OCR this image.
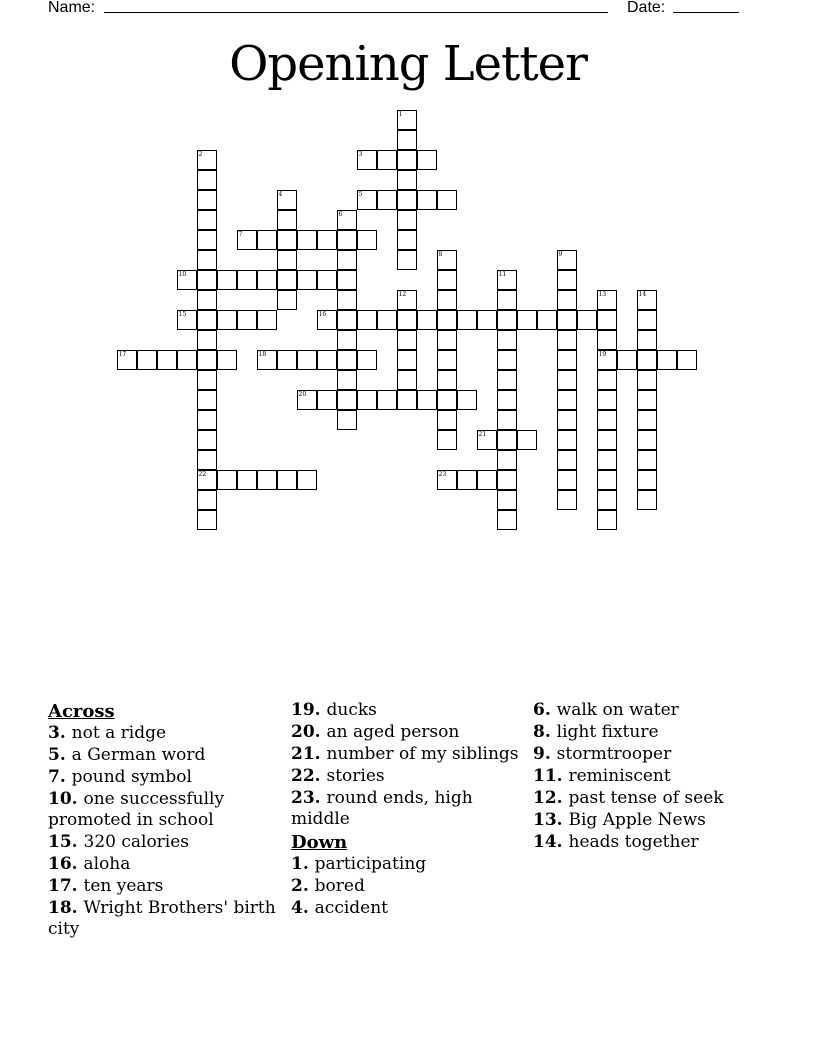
Name:	Date:
Opening Letter
1
2
22
3
4	5
6
7
8	9
10	11
12	13
19
14
15	16
17	18
20
21
23
Across
3. not a ridge
5. a German word
7. pound symbol
10. one successfully promoted in school
15. 320 calories
16. aloha
17. ten years
18. Wright Brothers' birth city
19. ducks
20. an aged person
21. number of my siblings
22. stories
23. round ends, high middle
Down
1. participating
2. bored
4. accident
6. walk on water
8. light fixture
9. stormtrooper
11. reminiscent
12. past tense of seek
13. Big Apple News
14. heads together
